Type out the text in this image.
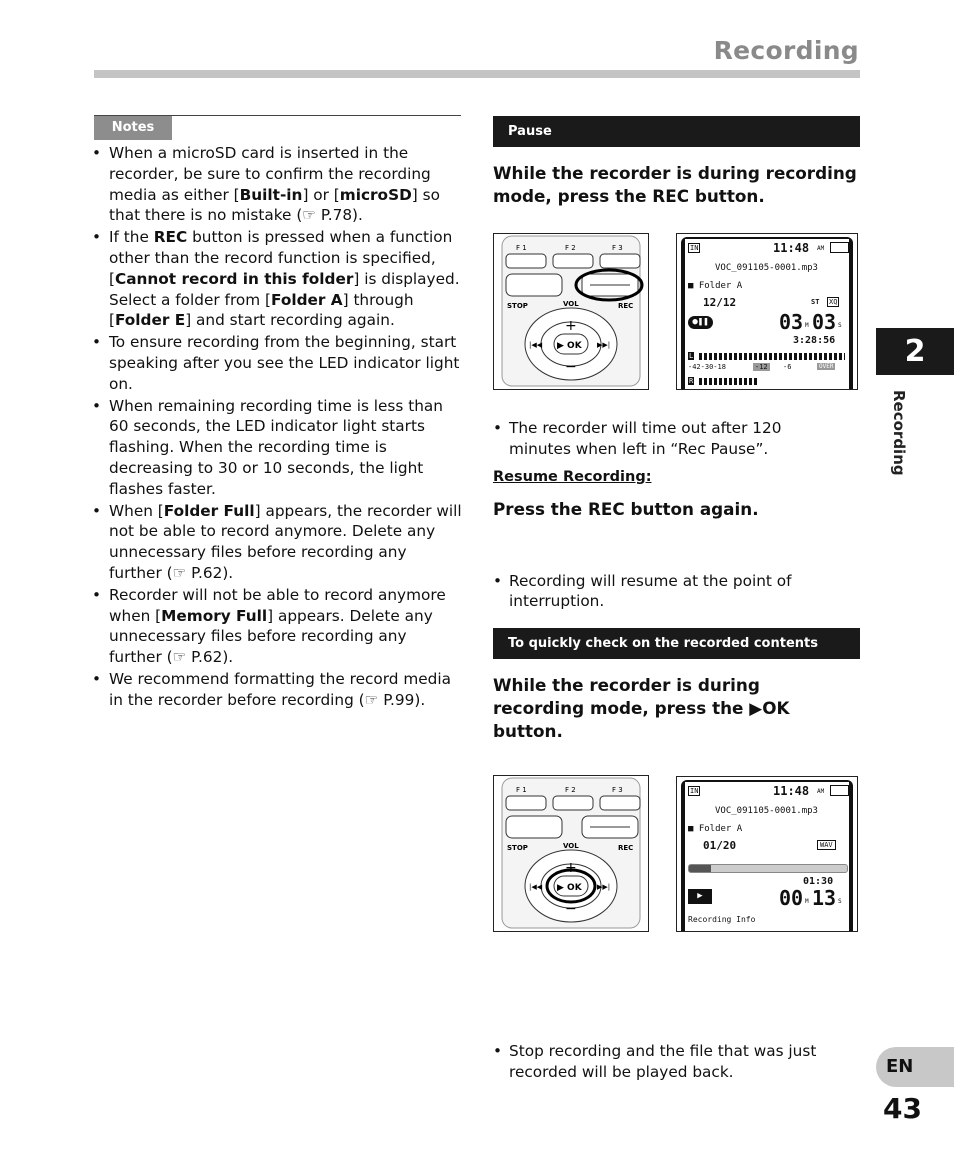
Recording
2
Recording
EN
43
Notes
• When a microSD card is inserted in the recorder, be sure to confirm the recording media as either [Built-in] or [microSD] so that there is no mistake (☞ P.78).
• If the REC button is pressed when a function other than the record function is specified, [Cannot record in this folder] is displayed. Select a folder from [Folder A] through [Folder E] and start recording again.
• To ensure recording from the beginning, start speaking after you see the LED indicator light on.
• When remaining recording time is less than 60 seconds, the LED indicator light starts flashing. When the recording time is decreasing to 30 or 10 seconds, the light flashes faster.
• When [Folder Full] appears, the recorder will not be able to record anymore. Delete any unnecessary files before recording any further (☞ P.62).
• Recorder will not be able to record anymore when [Memory Full] appears. Delete any unnecessary files before recording any further (☞ P.62).
• We recommend formatting the record media in the recorder before recording (☞ P.99).
Pause
While the recorder is during recording mode, press the REC button.
F 1	F 2	F 3
STOP	VOL	REC
▶ OK
+
−
|◀◀	▶▶|
IN	11:48 AM
VOC_091105-0001.mp3
■ Folder A
12/12	ST XQ
●❚❚	03 M 03 S
3:28:56
L
-42-30-18	-12 -6	OVER
R
• The recorder will time out after 120 minutes when left in “Rec Pause”.
Resume Recording:
Press the REC button again.
• Recording will resume at the point of interruption.
To quickly check on the recorded contents
While the recorder is during recording mode, press the ▶OK button.
F 1	F 2	F 3
STOP	VOL	REC
▶ OK
+
−
|◀◀	▶▶|
IN	11:48 AM
VOC_091105-0001.mp3
■ Folder A
01/20	WAV
01:30
▶	00 M 13 S
Recording Info
• Stop recording and the file that was just recorded will be played back.
